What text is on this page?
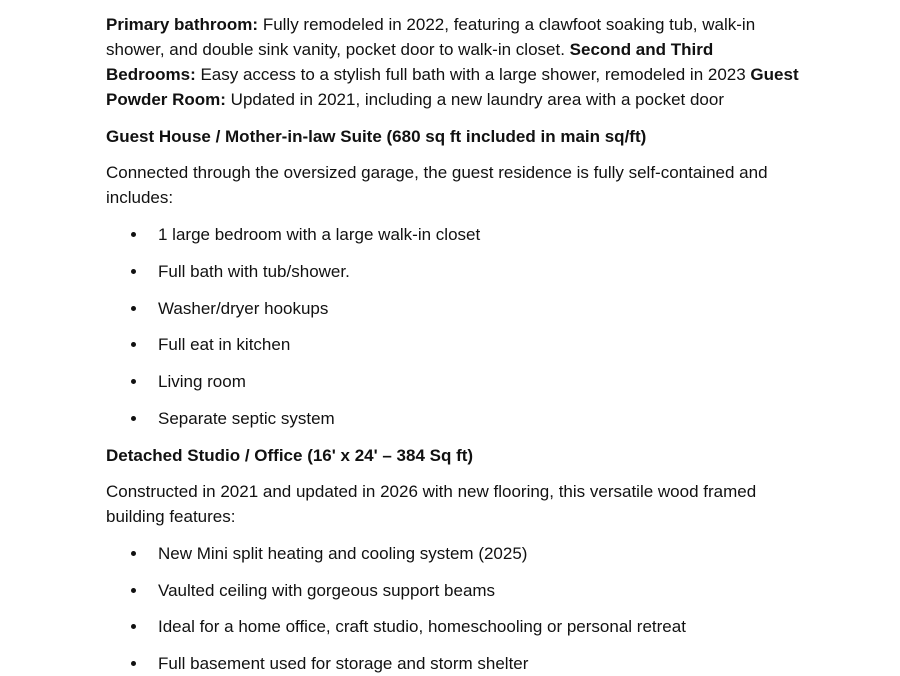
Primary bathroom: Fully remodeled in 2022, featuring a clawfoot soaking tub, walk-in shower, and double sink vanity, pocket door to walk-in closet. Second and Third Bedrooms: Easy access to a stylish full bath with a large shower, remodeled in 2023 Guest Powder Room: Updated in 2021, including a new laundry area with a pocket door

Guest House / Mother-in-law Suite (680 sq ft included in main sq/ft)

Connected through the oversized garage, the guest residence is fully self-contained and includes:

1 large bedroom with a large walk-in closet
Full bath with tub/shower.
Washer/dryer hookups
Full eat in kitchen
Living room
Separate septic system

Detached Studio / Office (16' x 24' – 384 Sq ft)

Constructed in 2021 and updated in 2026 with new flooring, this versatile wood framed building features:

New Mini split heating and cooling system (2025)
Vaulted ceiling with gorgeous support beams
Ideal for a home office, craft studio, homeschooling or personal retreat
Full basement used for storage and storm shelter
